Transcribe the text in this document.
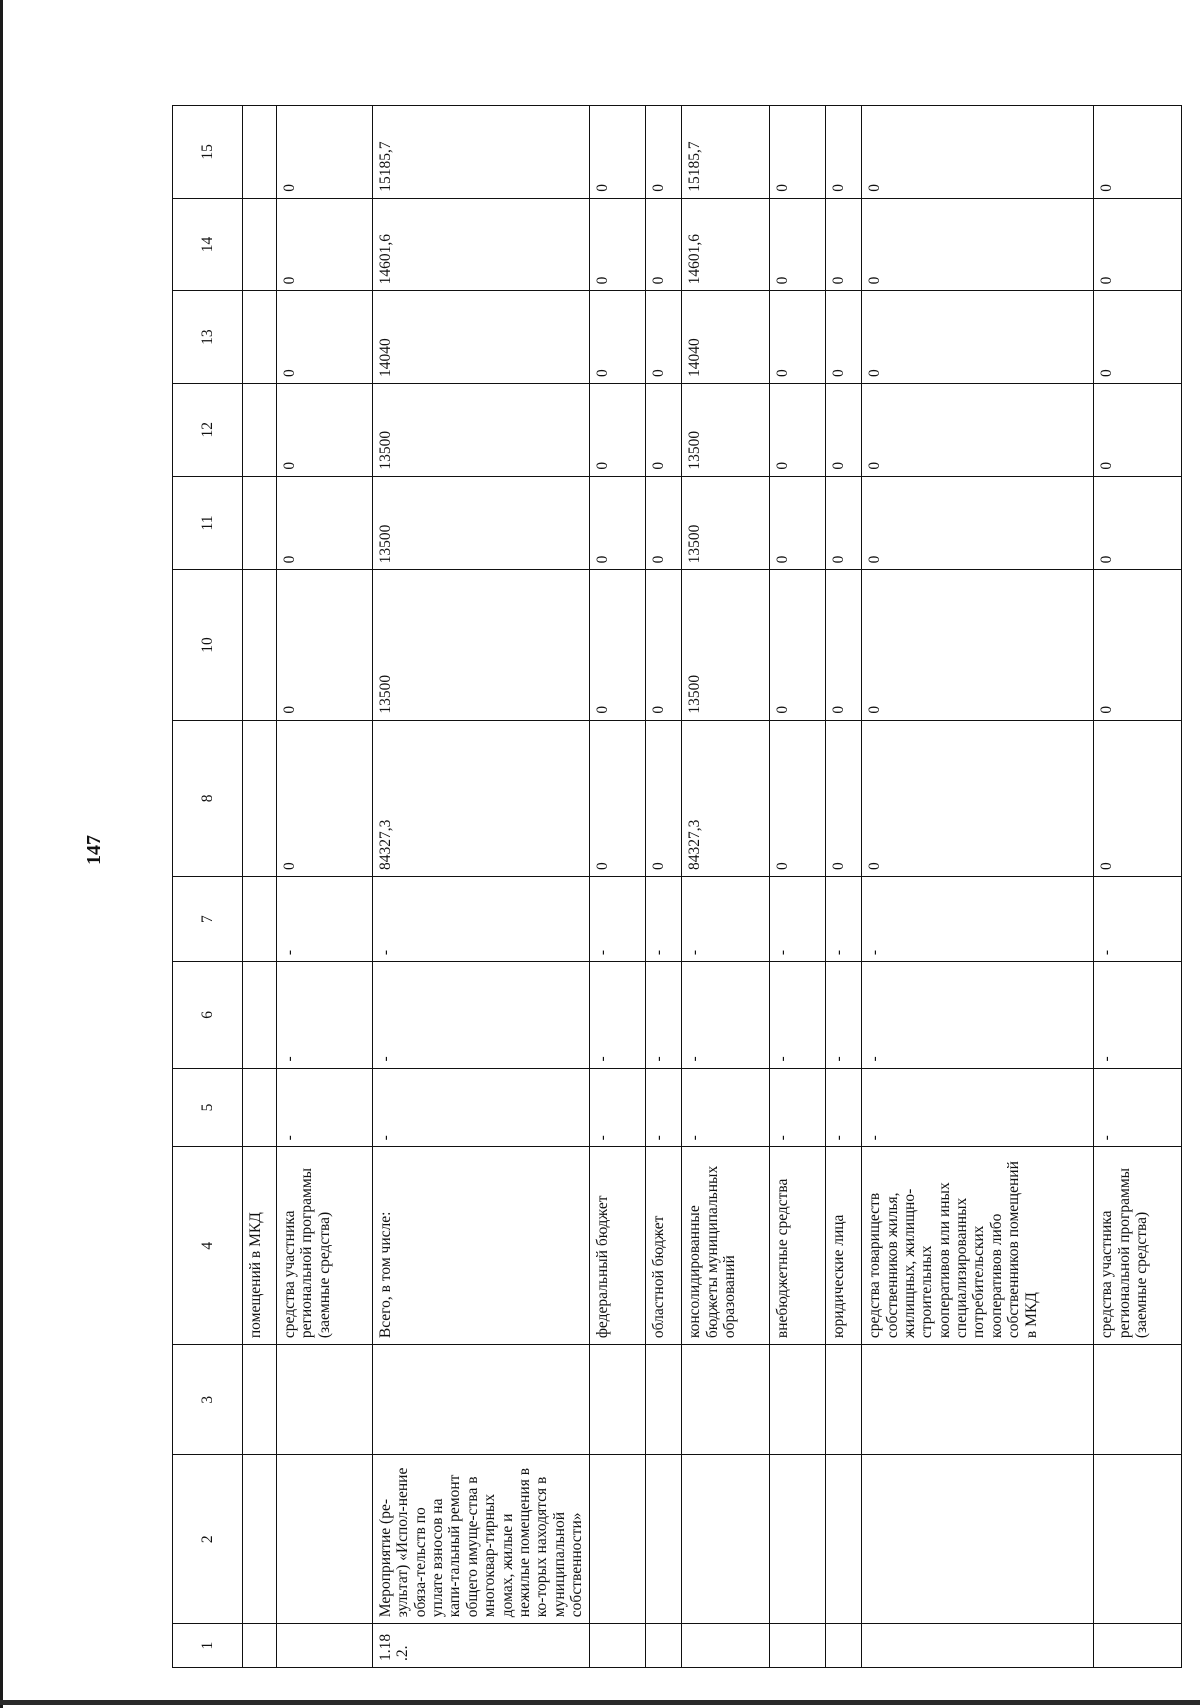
147
1	2	3	4	5	6	7	8	10	11	12	13	14	15
			помещений в МКД										
			средства участника региональной программы (заемные средства)	-	-	-	0	0	0	0	0	0	0
1.18.2.	Мероприятие (ре-зультат) «Испол-нение обяза-тельств по уплате взносов на капи-тальный ремонт общего имуще-ства в многоквар-тирных домах, жилые и нежилые помещения в ко-торых находятся в муниципальной собственности»		Всего, в том числе:	-	-	-	84327,3	13500	13500	13500	14040	14601,6	15185,7
			федеральный бюджет	-	-	-	0	0	0	0	0	0	0
			областной бюджет	-	-	-	0	0	0	0	0	0	0
			консолидированные бюджеты муниципальных образований	-	-	-	84327,3	13500	13500	13500	14040	14601,6	15185,7
			внебюджетные средства	-	-	-	0	0	0	0	0	0	0
			юридические лица	-	-	-	0	0	0	0	0	0	0
			средства товариществ собственников жилья, жилищных, жилищно-строительных кооперативов или иных специализированных потребительских кооперативов либо собственников помещений в МКД	-	-	-	0	0	0	0	0	0	0
			средства участника региональной программы (заемные средства)	-	-	-	0	0	0	0	0	0	0
